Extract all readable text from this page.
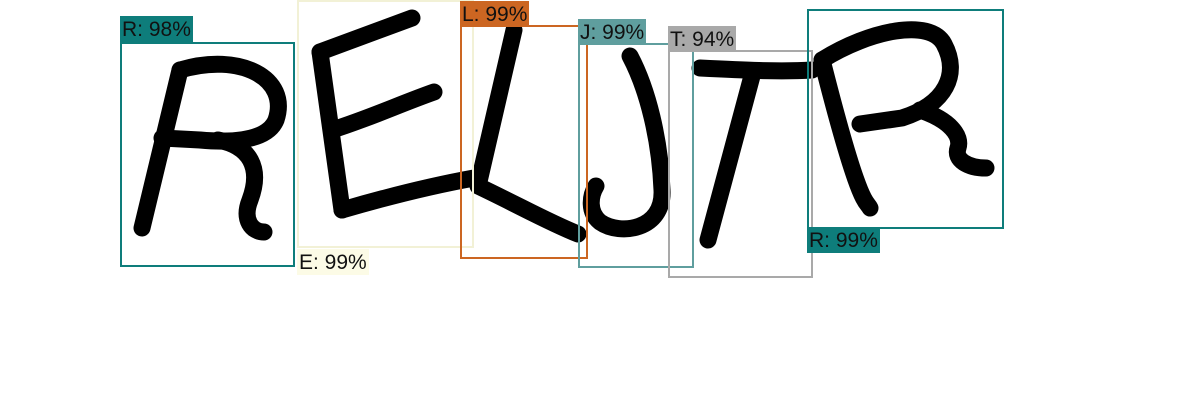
R: 98%
E: 99%
L: 99%
J: 99% T: 94%
R: 99%
